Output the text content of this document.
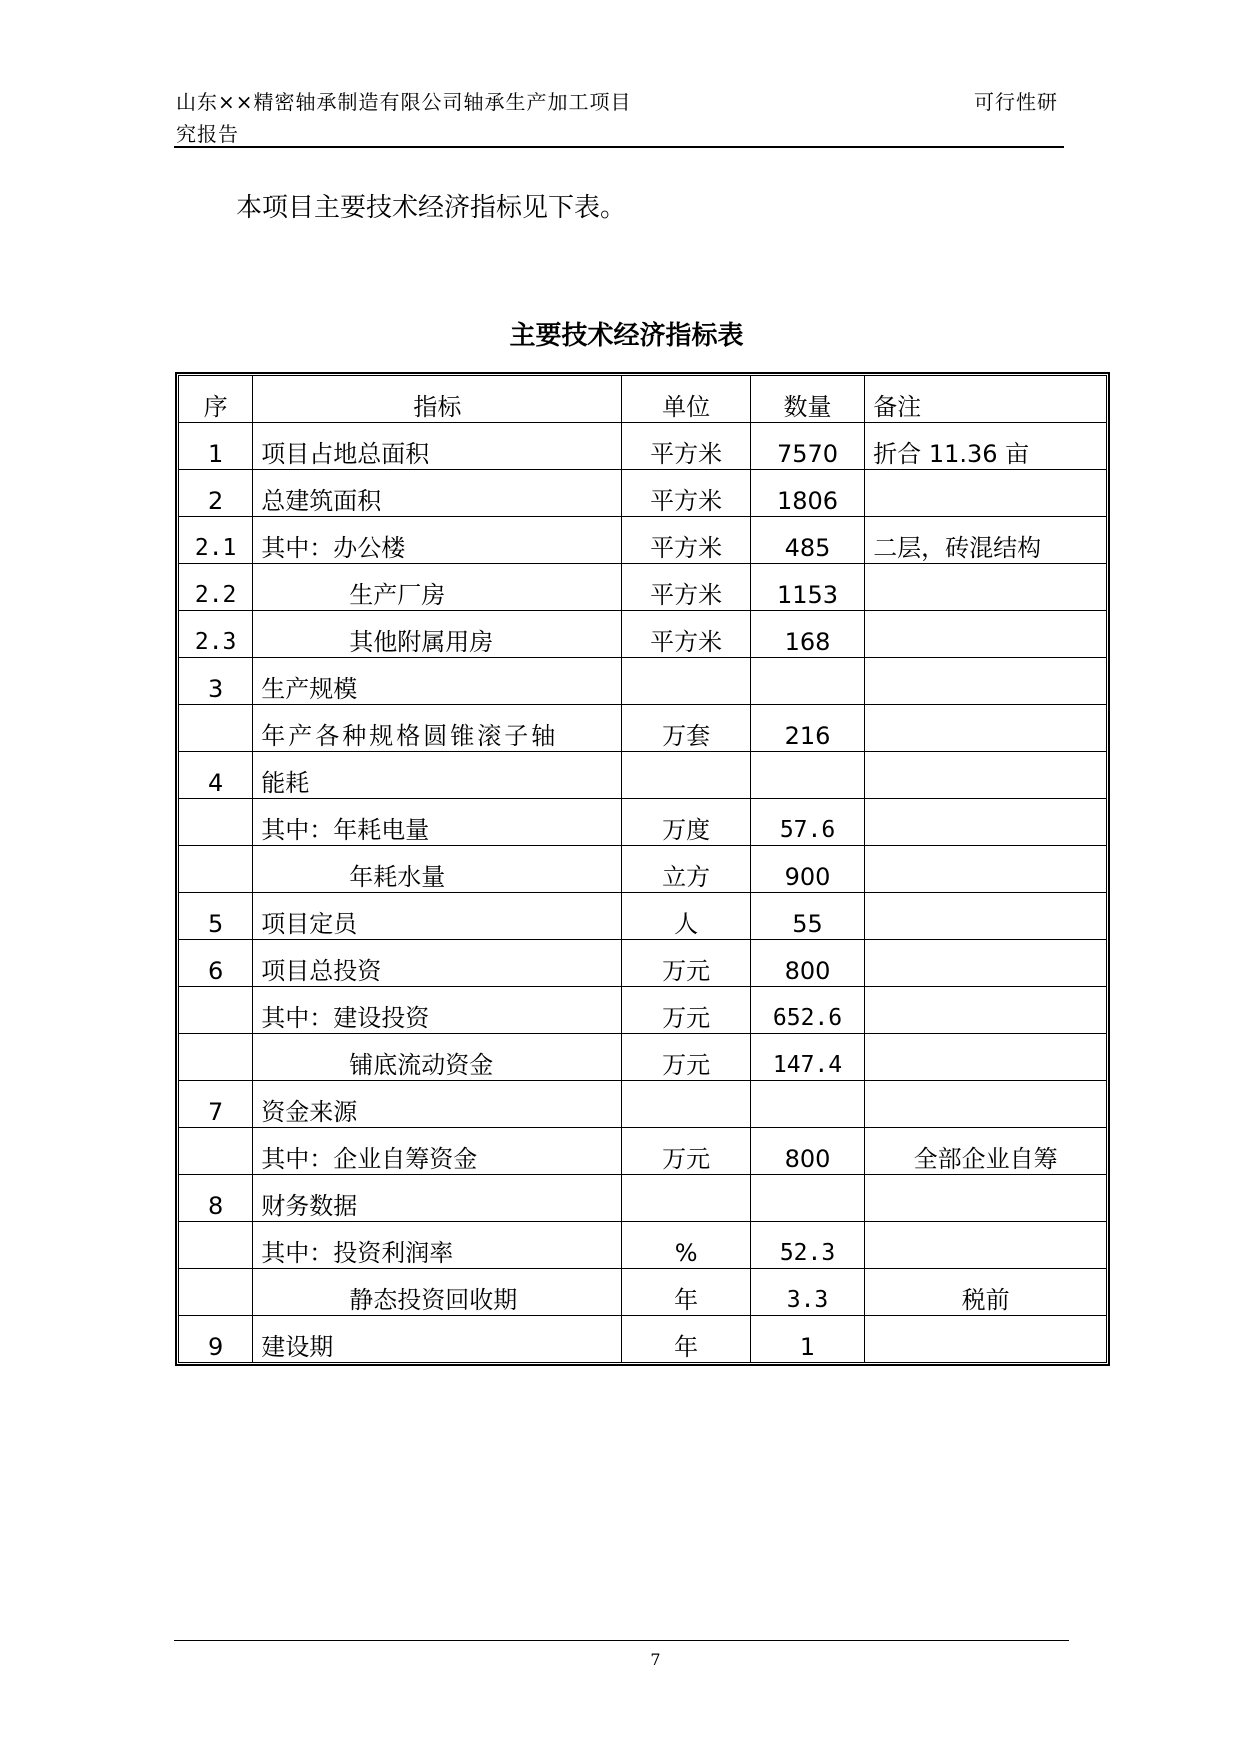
山东××精密轴承制造有限公司轴承生产加工项目
究报告
可行性研
本项目主要技术经济指标见下表。
主要技术经济指标表
序	指标	单位	数量	备注
1	项目占地总面积	平方米	7570	折合 11.36 亩
2	总建筑面积	平方米	1806	
2.1	其中：办公楼	平方米	485	二层，砖混结构
2.2	生产厂房	平方米	1153	
2.3	其他附属用房	平方米	168	
3	生产规模			
	年产各种规格圆锥滚子轴	万套	216	
4	能耗			
	其中：年耗电量	万度	57.6	
	年耗水量	立方	900	
5	项目定员	人	55	
6	项目总投资	万元	800	
	其中：建设投资	万元	652.6	
	铺底流动资金	万元	147.4	
7	资金来源			
	其中：企业自筹资金	万元	800	全部企业自筹
8	财务数据			
	其中：投资利润率	%	52.3	
	静态投资回收期	年	3.3	税前
9	建设期	年	1	
7
